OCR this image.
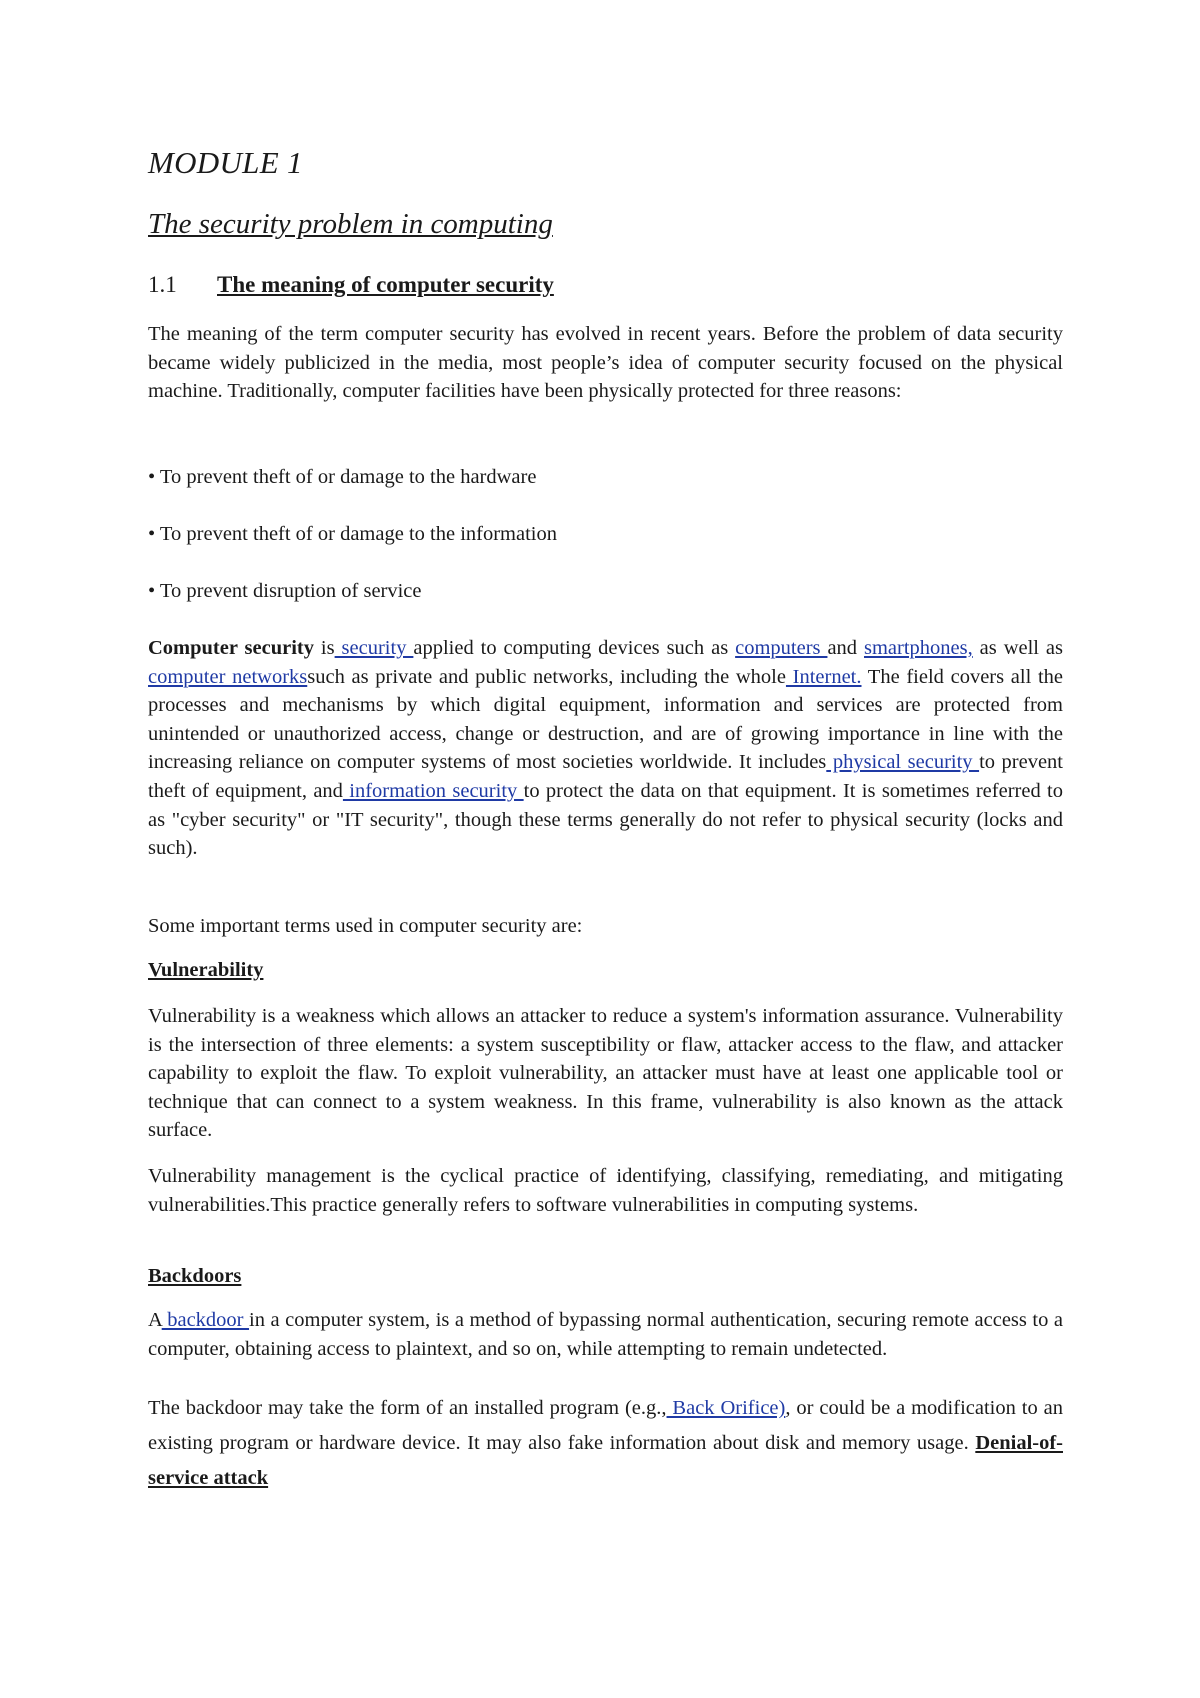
MODULE 1
The security problem in computing
1.1	The meaning of computer security

The meaning of the term computer security has evolved in recent years. Before the problem of data security became widely publicized in the media, most people’s idea of computer security focused on the physical machine. Traditionally, computer facilities have been physically protected for three reasons:

• To prevent theft of or damage to the hardware
• To prevent theft of or damage to the information
• To prevent disruption of service

Computer security is security applied to computing devices such as computers and smartphones, as well as computer networkssuch as private and public networks, including the whole Internet. The field covers all the processes and mechanisms by which digital equipment, information and services are protected from unintended or unauthorized access, change or destruction, and are of growing importance in line with the increasing reliance on computer systems of most societies worldwide. It includes physical security to prevent theft of equipment, and information security to protect the data on that equipment. It is sometimes referred to as "cyber security" or "IT security", though these terms generally do not refer to physical security (locks and such).

Some important terms used in computer security are:

Vulnerability

Vulnerability is a weakness which allows an attacker to reduce a system's information assurance. Vulnerability is the intersection of three elements: a system susceptibility or flaw, attacker access to the flaw, and attacker capability to exploit the flaw. To exploit vulnerability, an attacker must have at least one applicable tool or technique that can connect to a system weakness. In this frame, vulnerability is also known as the attack surface.

Vulnerability management is the cyclical practice of identifying, classifying, remediating, and mitigating vulnerabilities.This practice generally refers to software vulnerabilities in computing systems.

Backdoors

A backdoor in a computer system, is a method of bypassing normal authentication, securing remote access to a computer, obtaining access to plaintext, and so on, while attempting to remain undetected.

The backdoor may take the form of an installed program (e.g., Back Orifice), or could be a modification to an existing program or hardware device. It may also fake information about disk and memory usage. Denial-of-service attack
